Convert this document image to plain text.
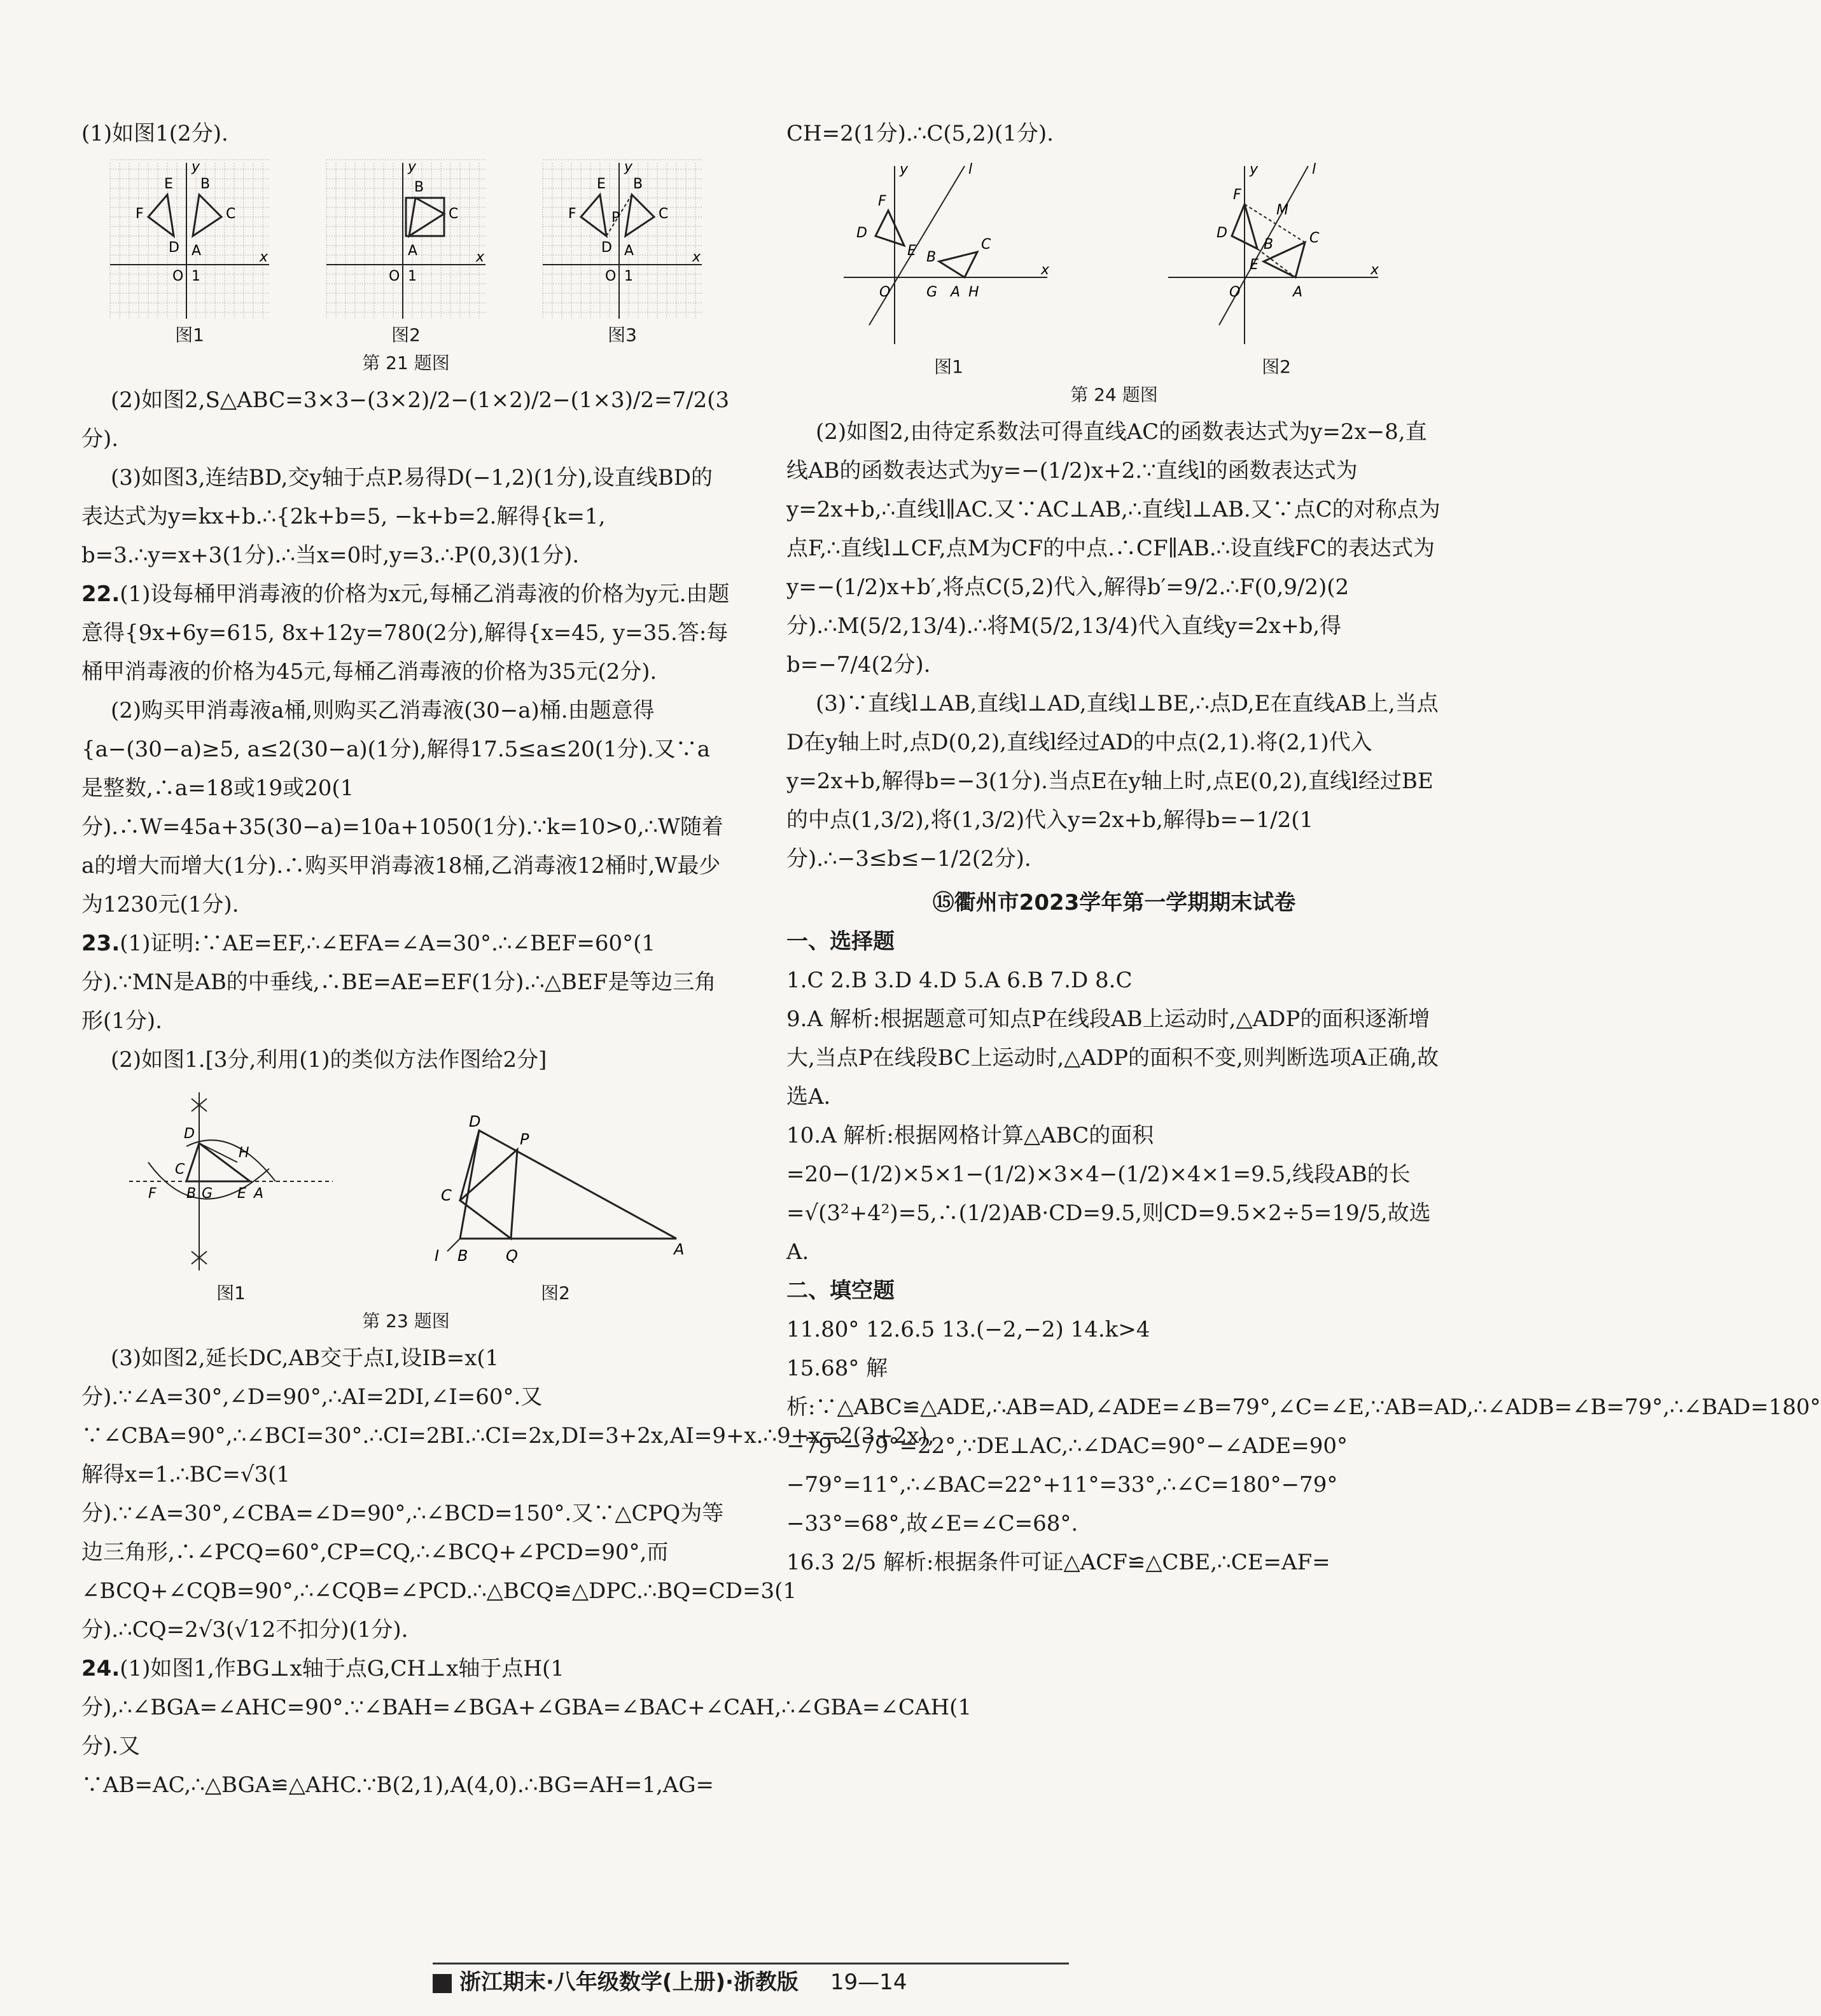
(1)如图1(2分).

E
F
B
C
D A
O 1
y
x
图1
B
C
A
O 1
y
x
图2
E
F
B
C
P
D A
O 1
y
x
图3
第 21 题图

(2)如图2,S△ABC=3×3−(3×2)/2−(1×2)/2−(1×3)/2=7/2(3分).

(3)如图3,连结BD,交y轴于点P.易得D(−1,2)(1分),设直线BD的表达式为y=kx+b.∴{2k+b=5, −k+b=2.解得{k=1, b=3.∴y=x+3(1分).∴当x=0时,y=3.∴P(0,3)(1分).

22.(1)设每桶甲消毒液的价格为x元,每桶乙消毒液的价格为y元.由题意得{9x+6y=615, 8x+12y=780(2分),解得{x=45, y=35.答:每桶甲消毒液的价格为45元,每桶乙消毒液的价格为35元(2分).

(2)购买甲消毒液a桶,则购买乙消毒液(30−a)桶.由题意得{a−(30−a)≥5, a≤2(30−a)(1分),解得17.5≤a≤20(1分).又∵a是整数,∴a=18或19或20(1分).∴W=45a+35(30−a)=10a+1050(1分).∵k=10>0,∴W随着a的增大而增大(1分).∴购买甲消毒液18桶,乙消毒液12桶时,W最少为1230元(1分).

23.(1)证明:∵AE=EF,∴∠EFA=∠A=30°.∴∠BEF=60°(1分).∵MN是AB的中垂线,∴BE=AE=EF(1分).∴△BEF是等边三角形(1分).

(2)如图1.[3分,利用(1)的类似方法作图给2分]

D
H
C
F B G E A
图1
D
P
C
I B Q	A
图2
第 23 题图

(3)如图2,延长DC,AB交于点I,设IB=x(1分).∵∠A=30°,∠D=90°,∴AI=2DI,∠I=60°.又∵∠CBA=90°,∴∠BCI=30°.∴CI=2BI.∴CI=2x,DI=3+2x,AI=9+x.∴9+x=2(3+2x),解得x=1.∴BC=√3(1分).∵∠A=30°,∠CBA=∠D=90°,∴∠BCD=150°.又∵△CPQ为等边三角形,∴∠PCQ=60°,CP=CQ,∴∠BCQ+∠PCD=90°,而∠BCQ+∠CQB=90°,∴∠CQB=∠PCD.∴△BCQ≌△DPC.∴BQ=CD=3(1分).∴CQ=2√3(√12不扣分)(1分).

24.(1)如图1,作BG⊥x轴于点G,CH⊥x轴于点H(1分),∴∠BGA=∠AHC=90°.∵∠BAH=∠BGA+∠GBA=∠BAC+∠CAH,∴∠GBA=∠CAH(1分).又∵AB=AC,∴△BGA≌△AHC.∵B(2,1),A(4,0).∴BG=AH=1,AG=

CH=2(1分).∴C(5,2)(1分).

y	l
F
D
E B
C
O	G A H
x
图1
y	l
F
M
D
B	C
E
O	A
x
图2
第 24 题图

(2)如图2,由待定系数法可得直线AC的函数表达式为y=2x−8,直线AB的函数表达式为y=−(1/2)x+2.∵直线l的函数表达式为y=2x+b,∴直线l∥AC.又∵AC⊥AB,∴直线l⊥AB.又∵点C的对称点为点F,∴直线l⊥CF,点M为CF的中点.∴CF∥AB.∴设直线FC的表达式为y=−(1/2)x+b′,将点C(5,2)代入,解得b′=9/2.∴F(0,9/2)(2分).∴M(5/2,13/4).∴将M(5/2,13/4)代入直线y=2x+b,得b=−7/4(2分).

(3)∵直线l⊥AB,直线l⊥AD,直线l⊥BE,∴点D,E在直线AB上,当点D在y轴上时,点D(0,2),直线l经过AD的中点(2,1).将(2,1)代入y=2x+b,解得b=−3(1分).当点E在y轴上时,点E(0,2),直线l经过BE的中点(1,3/2),将(1,3/2)代入y=2x+b,解得b=−1/2(1分).∴−3≤b≤−1/2(2分).

⑮衢州市2023学年第一学期期末试卷

一、选择题

1.C 2.B 3.D 4.D 5.A 6.B 7.D 8.C

9.A 解析:根据题意可知点P在线段AB上运动时,△ADP的面积逐渐增大,当点P在线段BC上运动时,△ADP的面积不变,则判断选项A正确,故选A.

10.A 解析:根据网格计算△ABC的面积=20−(1/2)×5×1−(1/2)×3×4−(1/2)×4×1=9.5,线段AB的长=√(3²+4²)=5,∴(1/2)AB·CD=9.5,则CD=9.5×2÷5=19/5,故选A.

二、填空题

11.80° 12.6.5 13.(−2,−2) 14.k>4

15.68° 解析:∵△ABC≌△ADE,∴AB=AD,∠ADE=∠B=79°,∠C=∠E,∵AB=AD,∴∠ADB=∠B=79°,∴∠BAD=180°−79°−79°=22°,∵DE⊥AC,∴∠DAC=90°−∠ADE=90°−79°=11°,∴∠BAC=22°+11°=33°,∴∠C=180°−79°−33°=68°,故∠E=∠C=68°.

16.3 2/5 解析:根据条件可证△ACF≌△CBE,∴CE=AF=

浙江期末·八年级数学(上册)·浙教版 19—14
